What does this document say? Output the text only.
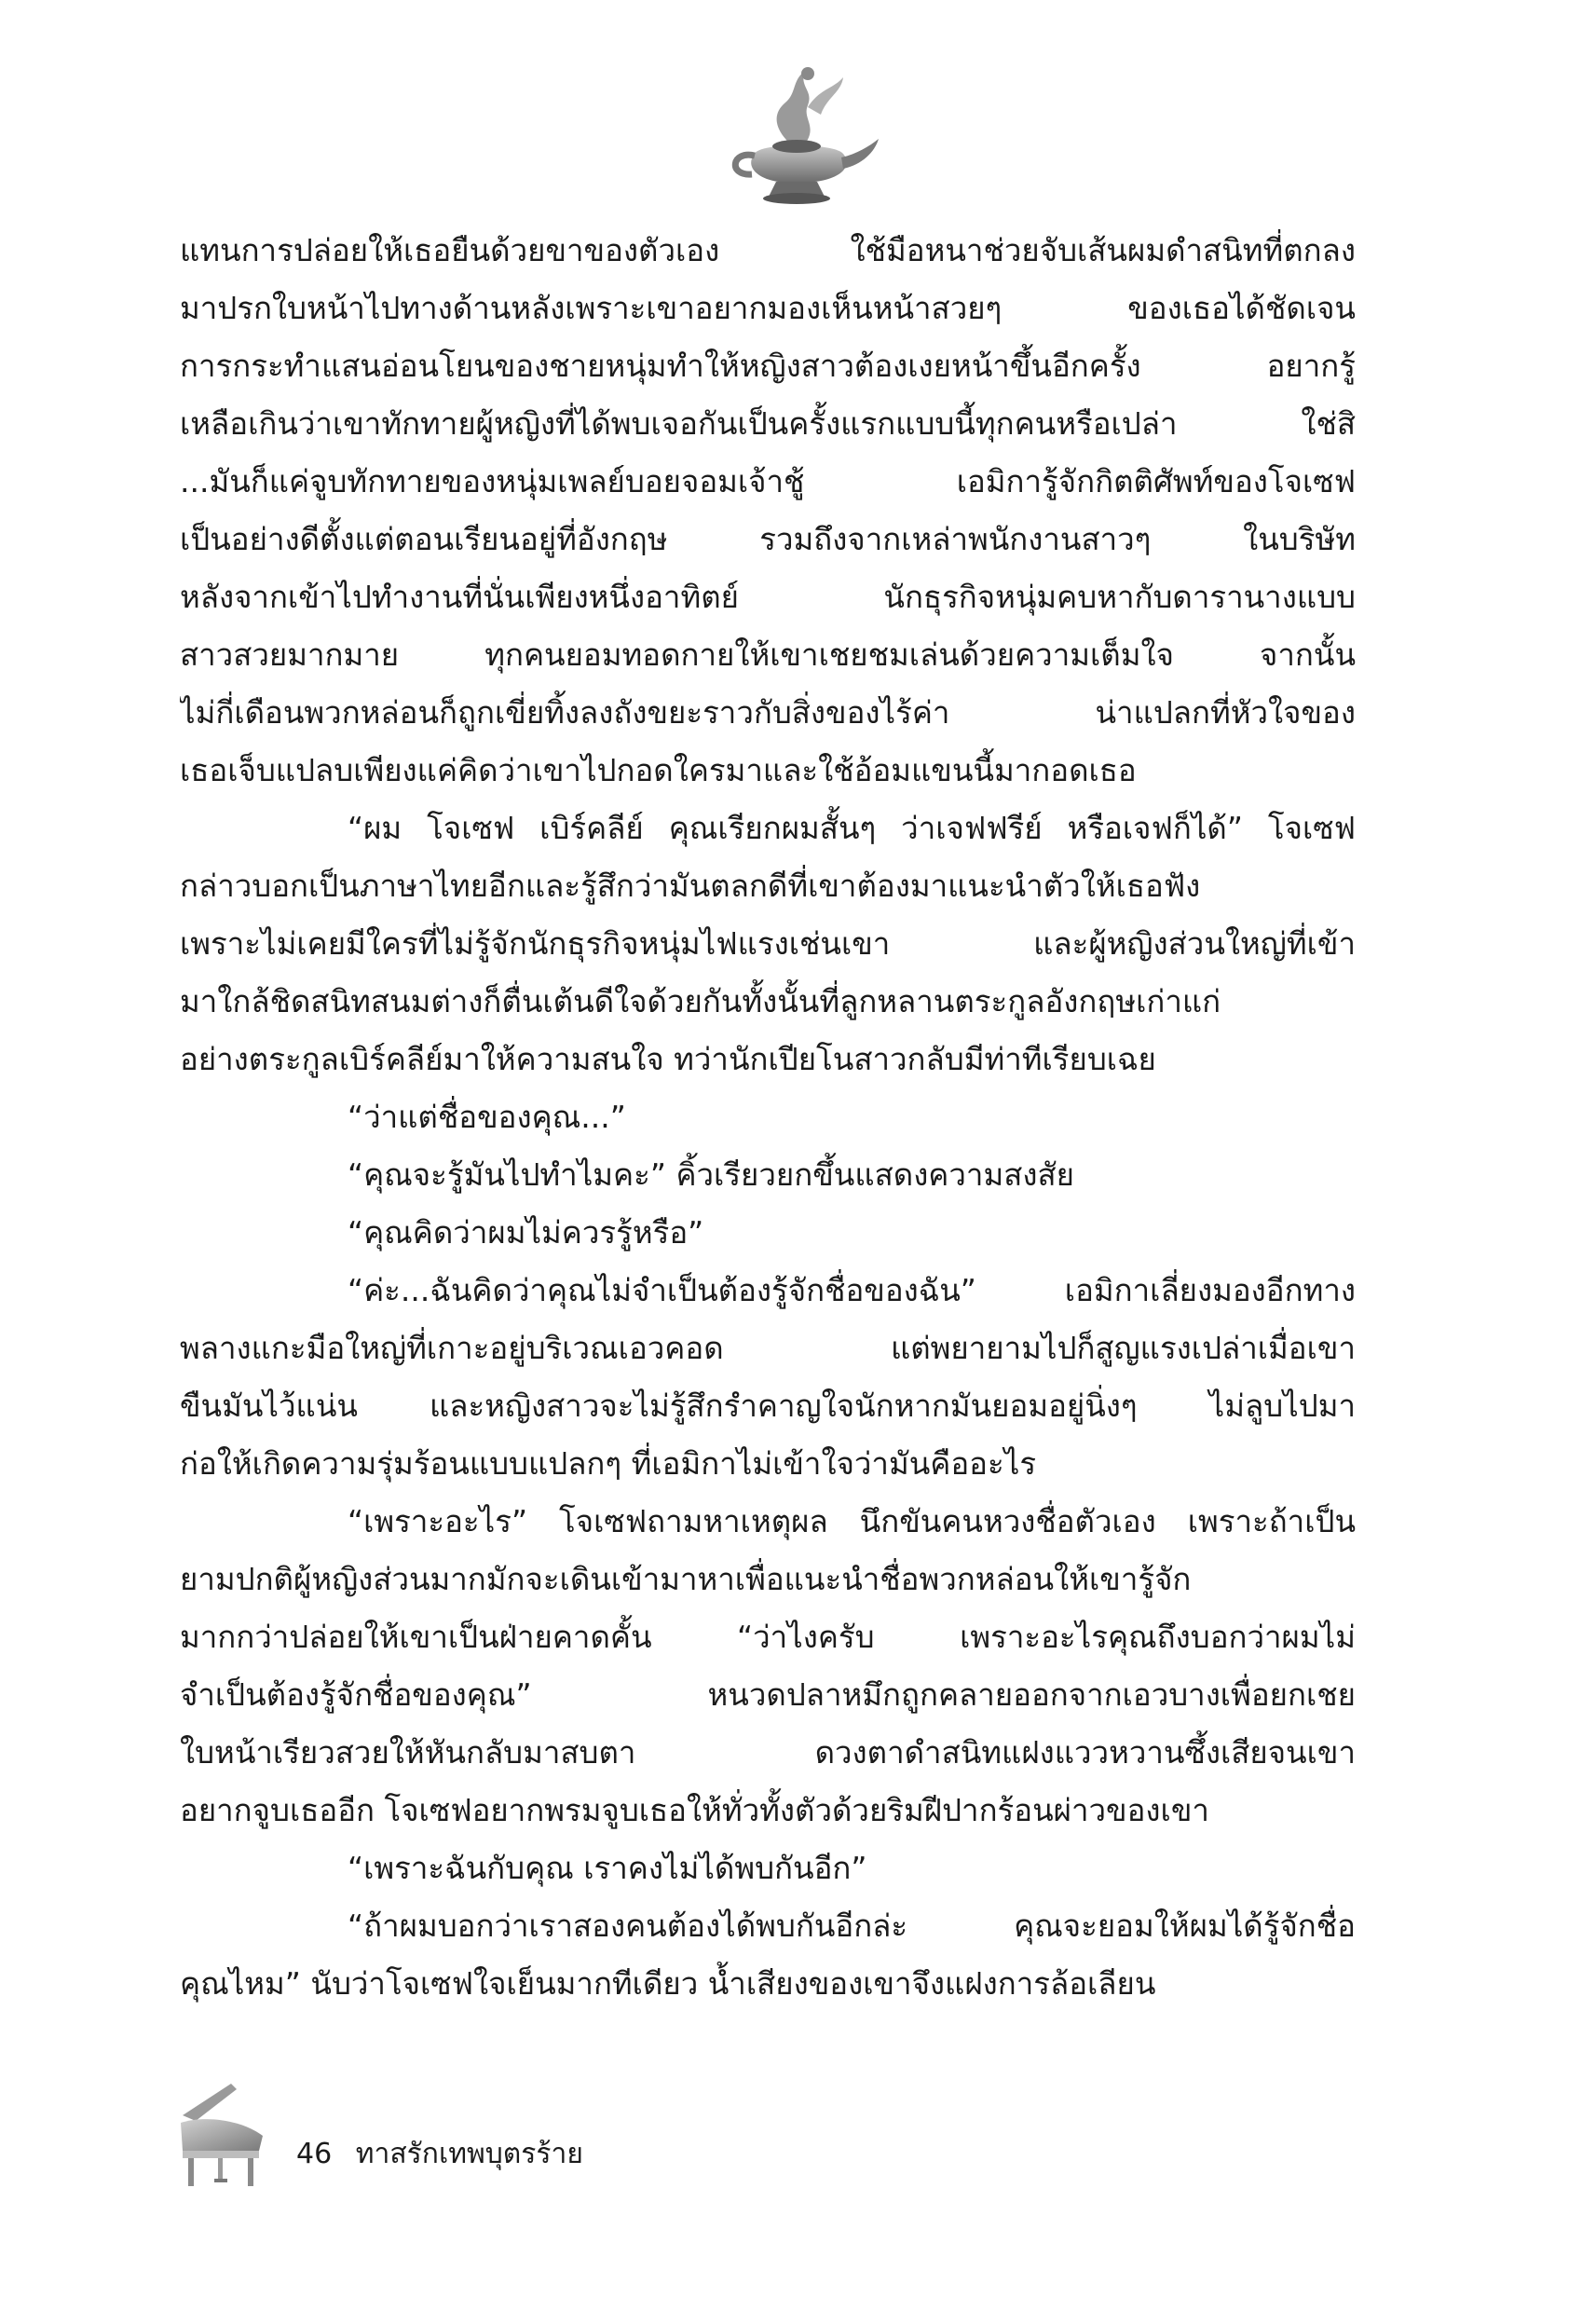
แทนการปล่อยให้เธอยืนด้วยขาของตัวเอง ใช้มือหนาช่วยจับเส้นผมดำสนิทที่ตกลง
มาปรกใบหน้าไปทางด้านหลังเพราะเขาอยากมองเห็นหน้าสวยๆ ของเธอได้ชัดเจน
การกระทำแสนอ่อนโยนของชายหนุ่มทำให้หญิงสาวต้องเงยหน้าขึ้นอีกครั้ง อยากรู้
เหลือเกินว่าเขาทักทายผู้หญิงที่ได้พบเจอกันเป็นครั้งแรกแบบนี้ทุกคนหรือเปล่า ใช่สิ
...มันก็แค่จูบทักทายของหนุ่มเพลย์บอยจอมเจ้าชู้ เอมิการู้จักกิตติศัพท์ของโจเซฟ
เป็นอย่างดีตั้งแต่ตอนเรียนอยู่ที่อังกฤษ รวมถึงจากเหล่าพนักงานสาวๆ ในบริษัท
หลังจากเข้าไปทำงานที่นั่นเพียงหนึ่งอาทิตย์ นักธุรกิจหนุ่มคบหากับดารานางแบบ
สาวสวยมากมาย ทุกคนยอมทอดกายให้เขาเชยชมเล่นด้วยความเต็มใจ จากนั้น
ไม่กี่เดือนพวกหล่อนก็ถูกเขี่ยทิ้งลงถังขยะราวกับสิ่งของไร้ค่า น่าแปลกที่หัวใจของ
เธอเจ็บแปลบเพียงแค่คิดว่าเขาไปกอดใครมาและใช้อ้อมแขนนี้มากอดเธอ
“ผม โจเซฟ เบิร์คลีย์ คุณเรียกผมสั้นๆ ว่าเจฟฟรีย์ หรือเจฟก็ได้” โจเซฟ
กล่าวบอกเป็นภาษาไทยอีกและรู้สึกว่ามันตลกดีที่เขาต้องมาแนะนำตัวให้เธอฟัง
เพราะไม่เคยมีใครที่ไม่รู้จักนักธุรกิจหนุ่มไฟแรงเช่นเขา และผู้หญิงส่วนใหญ่ที่เข้า
มาใกล้ชิดสนิทสนมต่างก็ตื่นเต้นดีใจด้วยกันทั้งนั้นที่ลูกหลานตระกูลอังกฤษเก่าแก่
อย่างตระกูลเบิร์คลีย์มาให้ความสนใจ ทว่านักเปียโนสาวกลับมีท่าทีเรียบเฉย
“ว่าแต่ชื่อของคุณ...”
“คุณจะรู้มันไปทำไมคะ” คิ้วเรียวยกขึ้นแสดงความสงสัย
“คุณคิดว่าผมไม่ควรรู้หรือ”
“ค่ะ...ฉันคิดว่าคุณไม่จำเป็นต้องรู้จักชื่อของฉัน” เอมิกาเลี่ยงมองอีกทาง
พลางแกะมือใหญ่ที่เกาะอยู่บริเวณเอวคอด แต่พยายามไปก็สูญแรงเปล่าเมื่อเขา
ขืนมันไว้แน่น และหญิงสาวจะไม่รู้สึกรำคาญใจนักหากมันยอมอยู่นิ่งๆ ไม่ลูบไปมา
ก่อให้เกิดความรุ่มร้อนแบบแปลกๆ ที่เอมิกาไม่เข้าใจว่ามันคืออะไร
“เพราะอะไร” โจเซฟถามหาเหตุผล นึกขันคนหวงชื่อตัวเอง เพราะถ้าเป็น
ยามปกติผู้หญิงส่วนมากมักจะเดินเข้ามาหาเพื่อแนะนำชื่อพวกหล่อนให้เขารู้จัก
มากกว่าปล่อยให้เขาเป็นฝ่ายคาดคั้น “ว่าไงครับ เพราะอะไรคุณถึงบอกว่าผมไม่
จำเป็นต้องรู้จักชื่อของคุณ” หนวดปลาหมึกถูกคลายออกจากเอวบางเพื่อยกเชย
ใบหน้าเรียวสวยให้หันกลับมาสบตา ดวงตาดำสนิทแฝงแววหวานซึ้งเสียจนเขา
อยากจูบเธออีก โจเซฟอยากพรมจูบเธอให้ทั่วทั้งตัวด้วยริมฝีปากร้อนผ่าวของเขา
“เพราะฉันกับคุณ เราคงไม่ได้พบกันอีก”
“ถ้าผมบอกว่าเราสองคนต้องได้พบกันอีกล่ะ คุณจะยอมให้ผมได้รู้จักชื่อ
คุณไหม” นับว่าโจเซฟใจเย็นมากทีเดียว น้ำเสียงของเขาจึงแฝงการล้อเลียน
46 ทาสรักเทพบุตรร้าย
